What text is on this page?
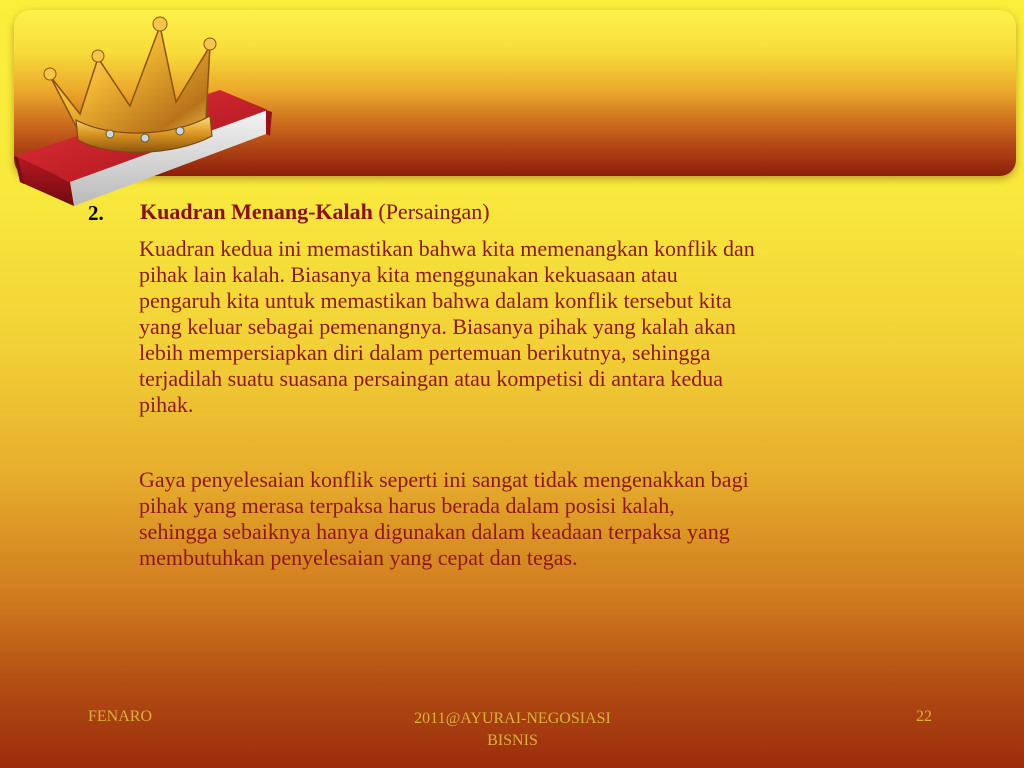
2. Kuadran Menang-Kalah (Persaingan)
Kuadran kedua ini memastikan bahwa kita memenangkan konflik dan
pihak lain kalah. Biasanya kita menggunakan kekuasaan atau
pengaruh kita untuk memastikan bahwa dalam konflik tersebut kita
yang keluar sebagai pemenangnya. Biasanya pihak yang kalah akan
lebih mempersiapkan diri dalam pertemuan berikutnya, sehingga
terjadilah suatu suasana persaingan atau kompetisi di antara kedua
pihak.
Gaya penyelesaian konflik seperti ini sangat tidak mengenakkan bagi
pihak yang merasa terpaksa harus berada dalam posisi kalah,
sehingga sebaiknya hanya digunakan dalam keadaan terpaksa yang
membutuhkan penyelesaian yang cepat dan tegas.
FENARO	2011@AYURAI-NEGOSIASI
BISNIS
22
